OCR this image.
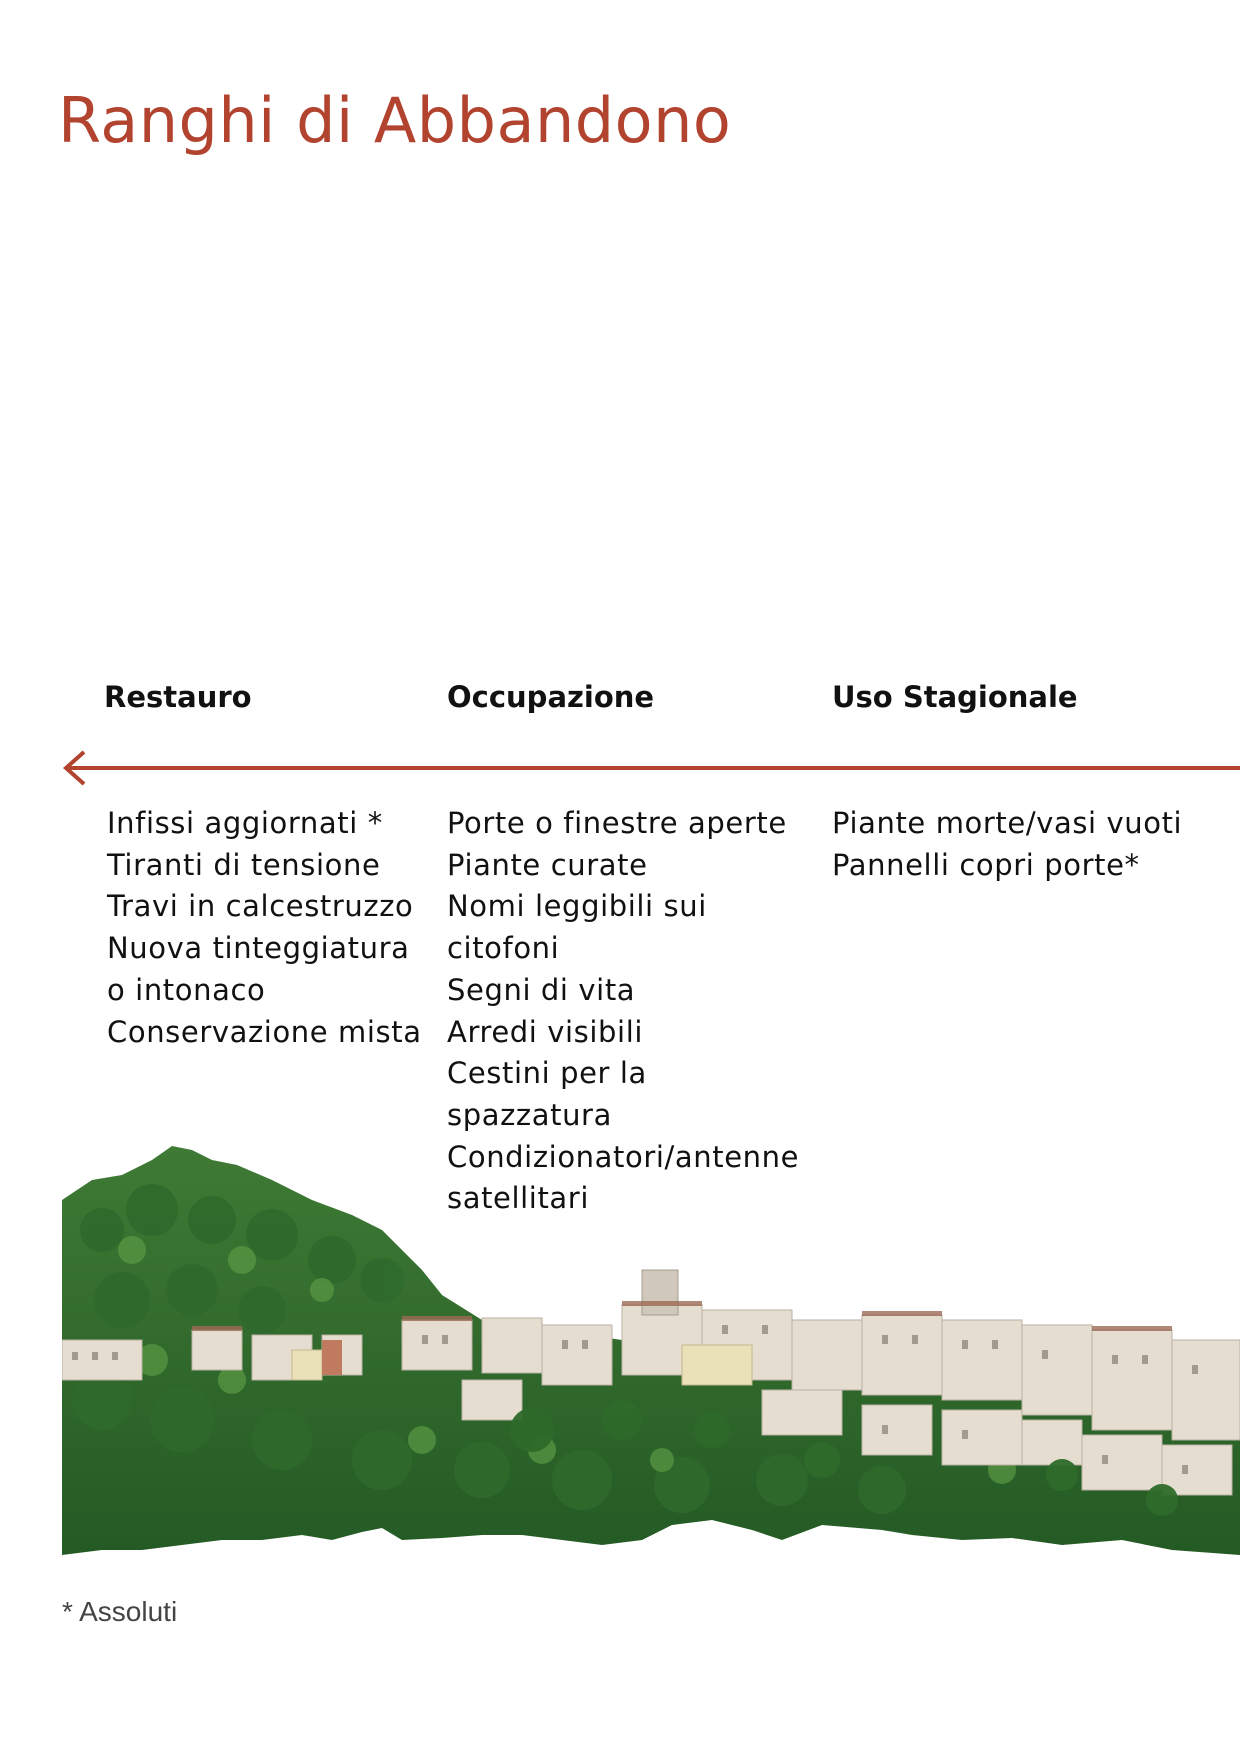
Ranghi di Abbandono
Restauro	Occupazione	Uso Stagionale
Infissi aggiornati *
Tiranti di tensione
Travi in calcestruzzo
Nuova tinteggiatura
o intonaco
Conservazione mista
Porte o finestre aperte
Piante curate
Nomi leggibili sui
citofoni
Segni di vita
Arredi visibili
Cestini per la
spazzatura
Condizionatori/antenne
satellitari
Piante morte/vasi vuoti
Pannelli copri porte*
* Assoluti
